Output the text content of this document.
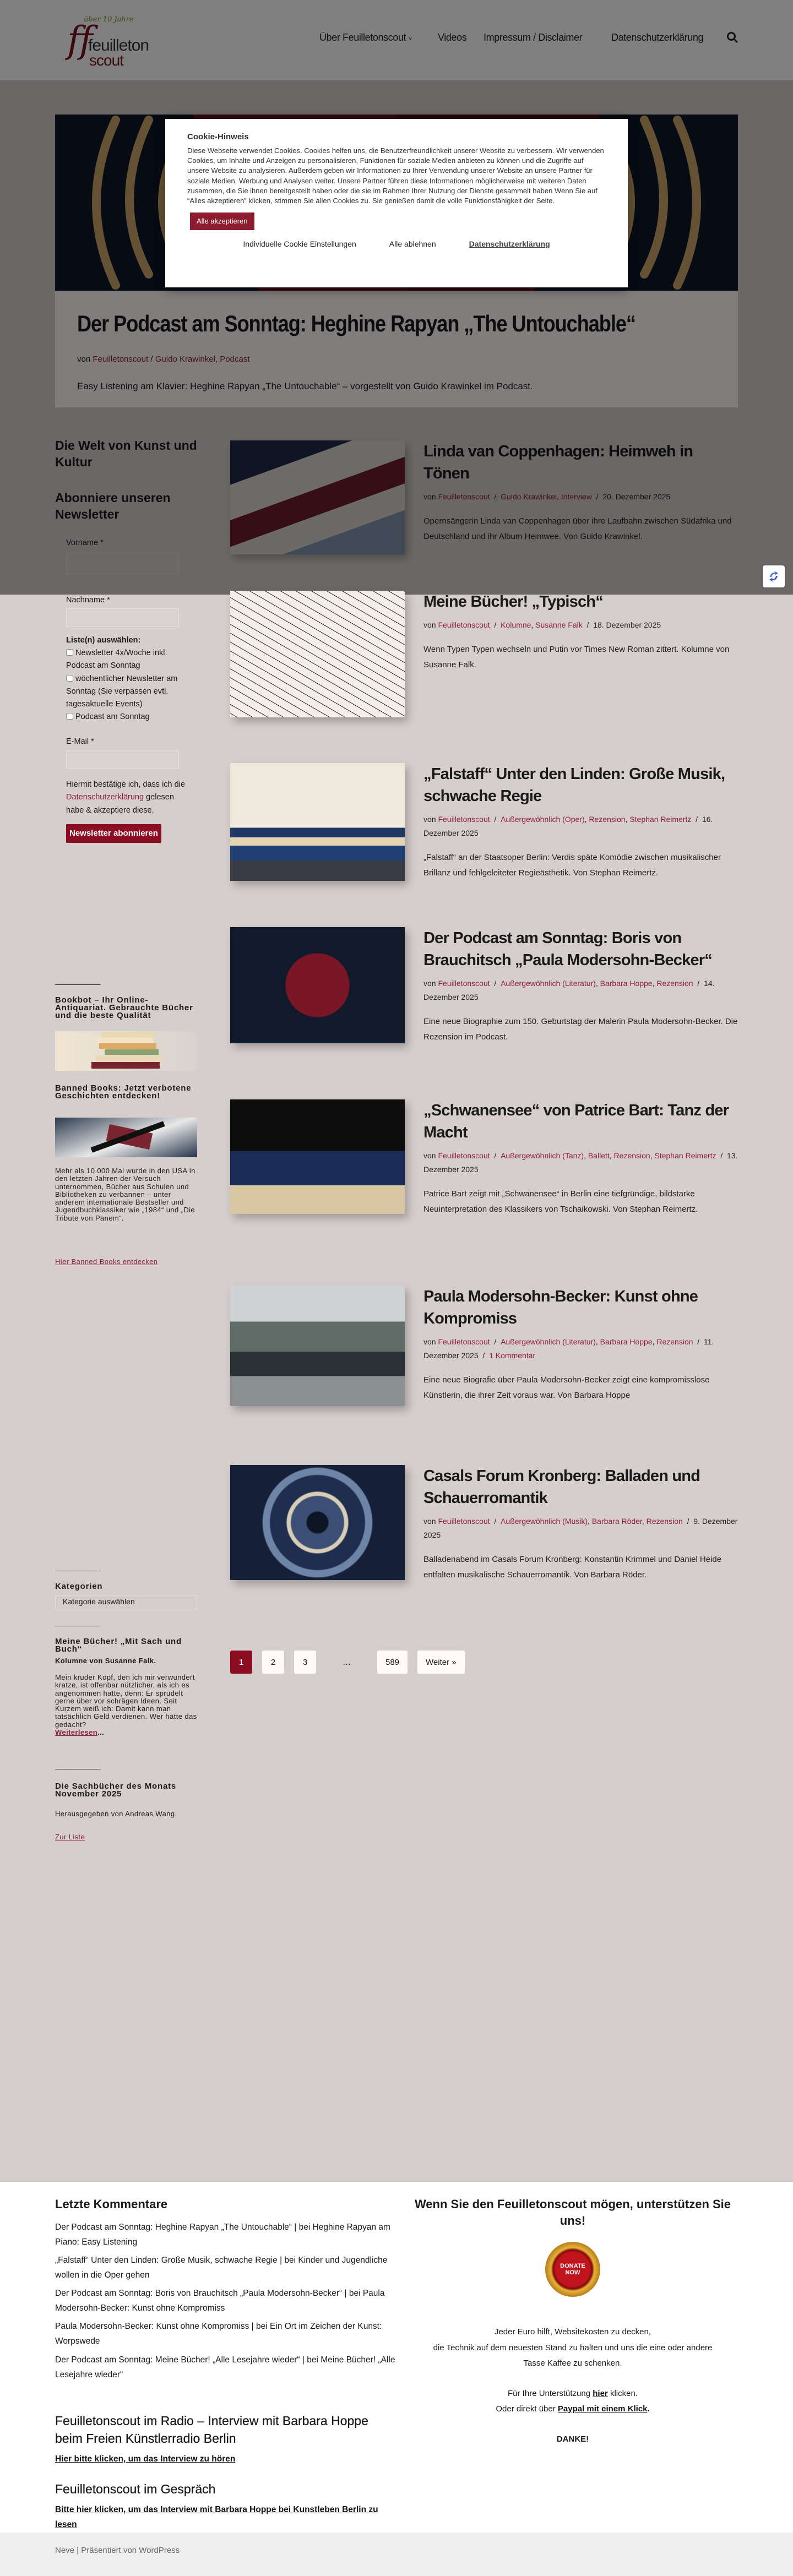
über 10 Jahre
ff
feuilleton
scout
Über Feuilletonscout ˅	Videos Impressum / Disclaimer	Datenschutzerklärung
Der Podcast am Sonntag: Heghine Rapyan „The Untouchable“
von Feuilletonscout / Guido Krawinkel, Podcast

Easy Listening am Klavier: Heghine Rapyan „The Untouchable“ – vorgestellt von Guido Krawinkel im Podcast.

Die Welt von Kunst und Kultur
Abonniere unseren Newsletter
Vorname *
Nachname *
Liste(n) auswählen:
Newsletter 4x/Woche inkl. Podcast am Sonntag
wöchentlicher Newsletter am Sonntag (Sie verpassen evtl. tagesaktuelle Events)
Podcast am Sonntag
E-Mail *

Hiermit bestätige ich, dass ich die Datenschutzerklärung gelesen habe & akzeptiere diese.

Newsletter abonnieren
____________
Bookbot – Ihr Online-Antiquariat. Gebrauchte Bücher und die beste Qualität
Banned Books: Jetzt verbotene Geschichten entdecken!

Mehr als 10.000 Mal wurde in den USA in den letzten Jahren der Versuch unternommen, Bücher aus Schulen und Bibliotheken zu verbannen – unter anderem internationale Bestseller und Jugendbuchklassiker wie „1984“ und „Die Tribute von Panem“.

Hier Banned Books entdecken
____________
Kategorien
Kategorie auswählen
____________
Meine Bücher! „Mit Sach und Buch“
Kolumne von Susanne Falk.

Mein kruder Kopf, den ich mir verwundert kratze, ist offenbar nützlicher, als ich es angenommen hatte, denn: Er sprudelt gerne über vor schrägen Ideen. Seit Kurzem weiß ich: Damit kann man tatsächlich Geld verdienen. Wer hätte das gedacht?
Weiterlesen...

____________
Die Sachbücher des Monats November 2025

Herausgegeben von Andreas Wang.

Zur Liste
Linda van Coppenhagen: Heimweh in Tönen
von Feuilletonscout  /  Guido Krawinkel, Interview  /  20. Dezember 2025

Opernsängerin Linda van Coppenhagen über ihre Laufbahn zwischen Südafrika und Deutschland und ihr Album Heimwee. Von Guido Krawinkel.

Meine Bücher! „Typisch“
von Feuilletonscout  /  Kolumne, Susanne Falk  /  18. Dezember 2025

Wenn Typen Typen wechseln und Putin vor Times New Roman zittert. Kolumne von Susanne Falk.

„Falstaff“ Unter den Linden: Große Musik, schwache Regie
von Feuilletonscout  /  Außergewöhnlich (Oper), Rezension, Stephan Reimertz  /  16. Dezember 2025

„Falstaff“ an der Staatsoper Berlin: Verdis späte Komödie zwischen musikalischer Brillanz und fehlgeleiteter Regieästhetik. Von Stephan Reimertz.

Der Podcast am Sonntag: Boris von Brauchitsch „Paula Modersohn-Becker“
von Feuilletonscout  /  Außergewöhnlich (Literatur), Barbara Hoppe, Rezension  /  14. Dezember 2025

Eine neue Biographie zum 150. Geburtstag der Malerin Paula Modersohn-Becker. Die Rezension im Podcast.

„Schwanensee“ von Patrice Bart: Tanz der Macht
von Feuilletonscout  /  Außergewöhnlich (Tanz), Ballett, Rezension, Stephan Reimertz  /  13. Dezember 2025

Patrice Bart zeigt mit „Schwanensee“ in Berlin eine tiefgründige, bildstarke Neuinterpretation des Klassikers von Tschaikowski. Von Stephan Reimertz.

Paula Modersohn-Becker: Kunst ohne Kompromiss
von Feuilletonscout  /  Außergewöhnlich (Literatur), Barbara Hoppe, Rezension  /  11. Dezember 2025  /  1 Kommentar

Eine neue Biografie über Paula Modersohn-Becker zeigt eine kompromisslose Künstlerin, die ihrer Zeit voraus war. Von Barbara Hoppe

Casals Forum Kronberg: Balladen und Schauerromantik
von Feuilletonscout  /  Außergewöhnlich (Musik), Barbara Röder, Rezension  /  9. Dezember 2025

Balladenabend im Casals Forum Kronberg: Konstantin Krimmel und Daniel Heide entfalten musikalische Schauerromantik. Von Barbara Röder.

1	2	3	…	589	Weiter »
Letzte Kommentare
Der Podcast am Sonntag: Heghine Rapyan „The Untouchable“ | bei Heghine Rapyan am Piano: Easy Listening
„Falstaff“ Unter den Linden: Große Musik, schwache Regie | bei Kinder und Jugendliche wollen in die Oper gehen
Der Podcast am Sonntag: Boris von Brauchitsch „Paula Modersohn-Becker“ | bei Paula Modersohn-Becker: Kunst ohne Kompromiss
Paula Modersohn-Becker: Kunst ohne Kompromiss | bei Ein Ort im Zeichen der Kunst: Worpswede
Der Podcast am Sonntag: Meine Bücher! „Alle Lesejahre wieder“ | bei Meine Bücher! „Alle Lesejahre wieder“
Feuilletonscout im Radio – Interview mit Barbara Hoppe beim Freien Künstlerradio Berlin
Hier bitte klicken, um das Interview zu hören
Feuilletonscout im Gespräch
Bitte hier klicken, um das Interview mit Barbara Hoppe bei Kunstleben Berlin zu lesen
Wenn Sie den Feuilletonscout mögen, unterstützen Sie uns!
DONATE
NOW
Jeder Euro hilft, Websitekosten zu decken,
die Technik auf dem neuesten Stand zu halten und uns die eine oder andere Tasse Kaffee zu schenken.
Für Ihre Unterstützung hier klicken.
Oder direkt über Paypal mit einem Klick.
DANKE!
Neve | Präsentiert von WordPress
Cookie-Hinweis

Diese Webseite verwendet Cookies. Cookies helfen uns, die Benutzerfreundlichkeit unserer Website zu verbessern. Wir verwenden Cookies, um Inhalte und Anzeigen zu personalisieren, Funktionen für soziale Medien anbieten zu können und die Zugriffe auf unsere Website zu analysieren. Außerdem geben wir Informationen zu Ihrer Verwendung unserer Website an unsere Partner für soziale Medien, Werbung und Analysen weiter. Unsere Partner führen diese Informationen möglicherweise mit weiteren Daten zusammen, die Sie ihnen bereitgestellt haben oder die sie im Rahmen Ihrer Nutzung der Dienste gesammelt haben Wenn Sie auf “Alles akzeptieren” klicken, stimmen Sie allen Cookies zu. Sie genießen damit die volle Funktionsfähigkeit der Seite.

Alle akzeptieren
Individuelle Cookie Einstellungen	Alle ablehnen	Datenschutzerklärung
